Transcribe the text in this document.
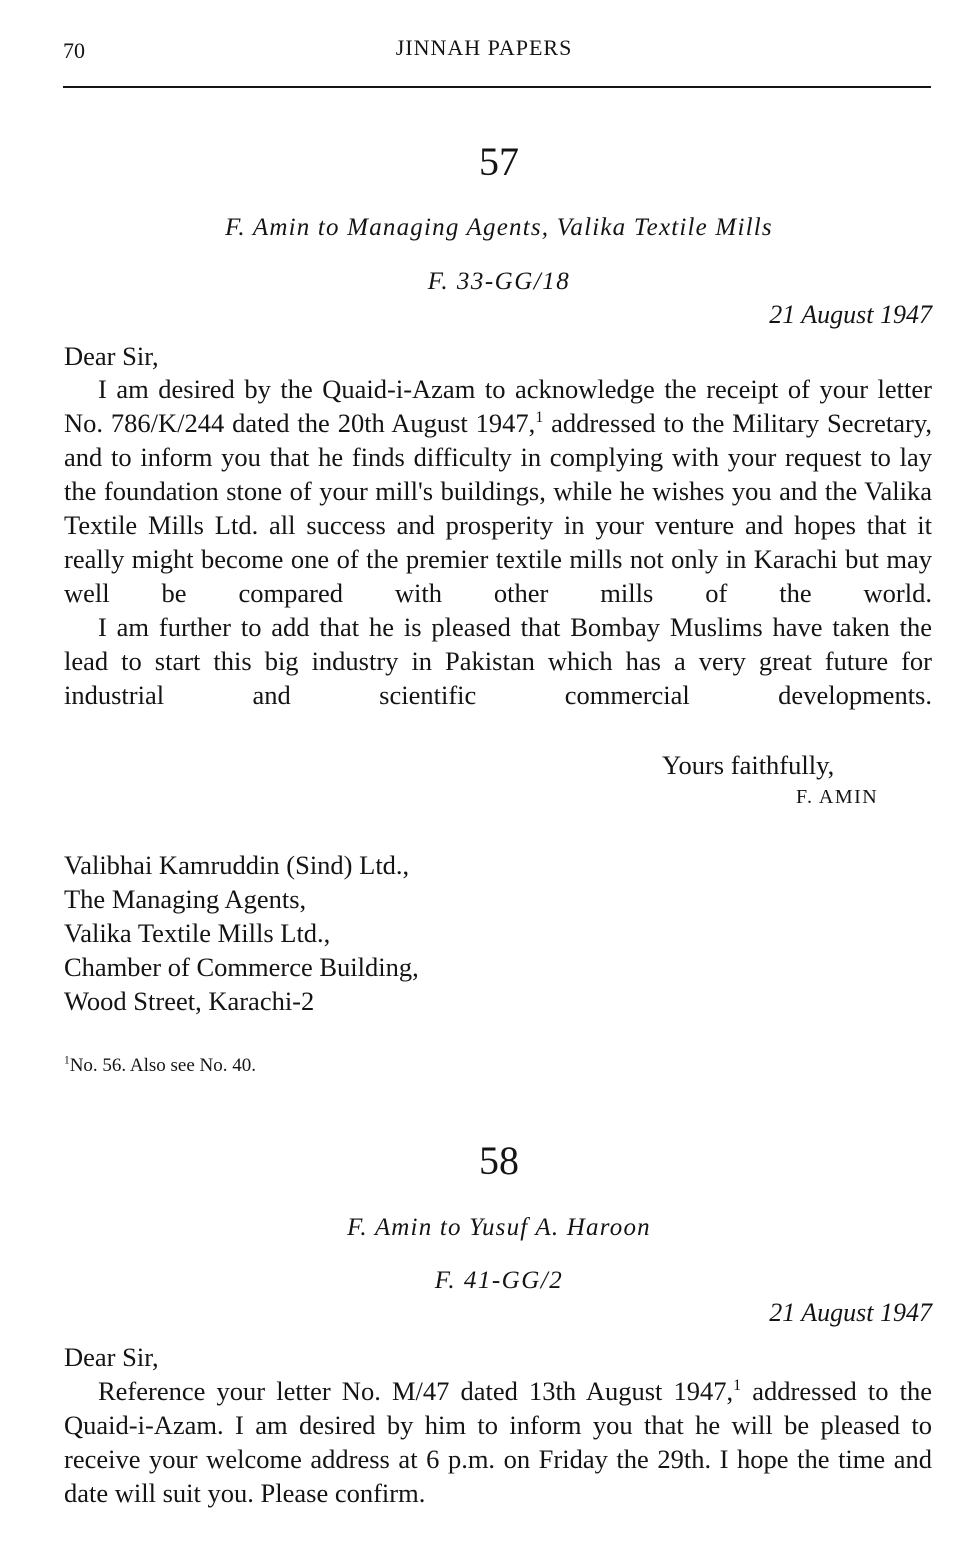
70	JINNAH PAPERS
57
F. Amin to Managing Agents, Valika Textile Mills
F. 33-GG/18
21 August 1947
Dear Sir,

I am desired by the Quaid-i-Azam to acknowledge the receipt of your letter No. 786/K/244 dated the 20th August 1947,$^1$ addressed to the Military Secretary, and to inform you that he finds difficulty in complying with your request to lay the foundation stone of your mill's buildings, while he wishes you and the Valika Textile Mills Ltd. all success and prosperity in your venture and hopes that it really might become one of the premier textile mills not only in Karachi but may well be compared with other mills of the world.

I am further to add that he is pleased that Bombay Muslims have taken the lead to start this big industry in Pakistan which has a very great future for industrial and scientific commercial developments.

Yours faithfully,
F. AMIN
Valibhai Kamruddin (Sind) Ltd.,
The Managing Agents,
Valika Textile Mills Ltd.,
Chamber of Commerce Building,
Wood Street, Karachi-2
$^1$No. 56. Also see No. 40.
58
F. Amin to Yusuf A. Haroon
F. 41-GG/2
21 August 1947
Dear Sir,

Reference your letter No. M/47 dated 13th August 1947,$^1$ addressed to the Quaid-i-Azam. I am desired by him to inform you that he will be pleased to receive your welcome address at 6 p.m. on Friday the 29th. I hope the time and date will suit you. Please confirm.
